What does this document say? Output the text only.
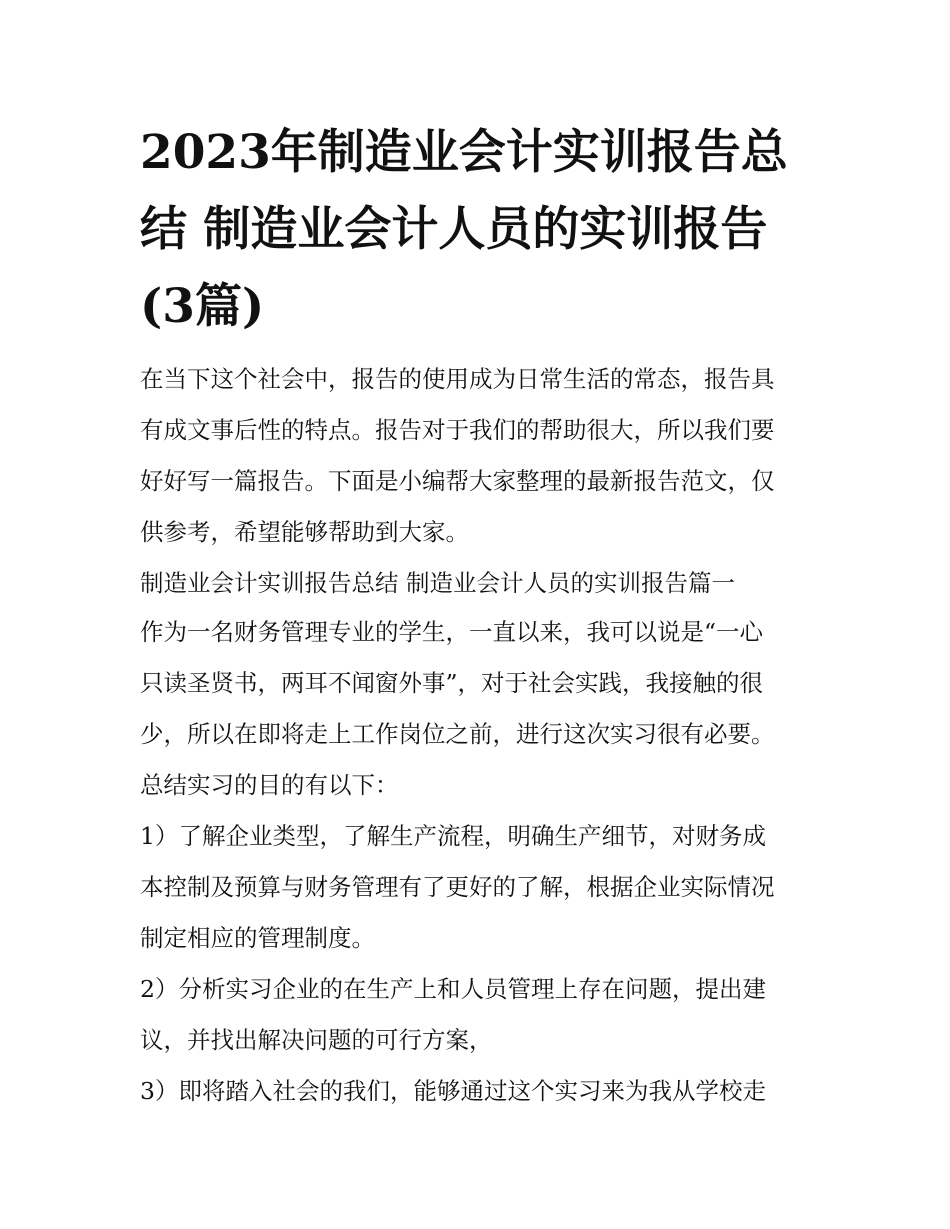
2023年制造业会计实训报告总
结 制造业会计人员的实训报告
(3篇)
在当下这个社会中，报告的使用成为日常生活的常态，报告具
有成文事后性的特点。报告对于我们的帮助很大，所以我们要
好好写一篇报告。下面是小编帮大家整理的最新报告范文，仅
供参考，希望能够帮助到大家。
制造业会计实训报告总结 制造业会计人员的实训报告篇一
作为一名财务管理专业的学生，一直以来，我可以说是“一心
只读圣贤书，两耳不闻窗外事”，对于社会实践，我接触的很
少，所以在即将走上工作岗位之前，进行这次实习很有必要。
总结实习的目的有以下：
1）了解企业类型，了解生产流程，明确生产细节，对财务成
本控制及预算与财务管理有了更好的了解，根据企业实际情况
制定相应的管理制度。
2）分析实习企业的在生产上和人员管理上存在问题，提出建
议，并找出解决问题的可行方案，
3）即将踏入社会的我们，能够通过这个实习来为我从学校走
